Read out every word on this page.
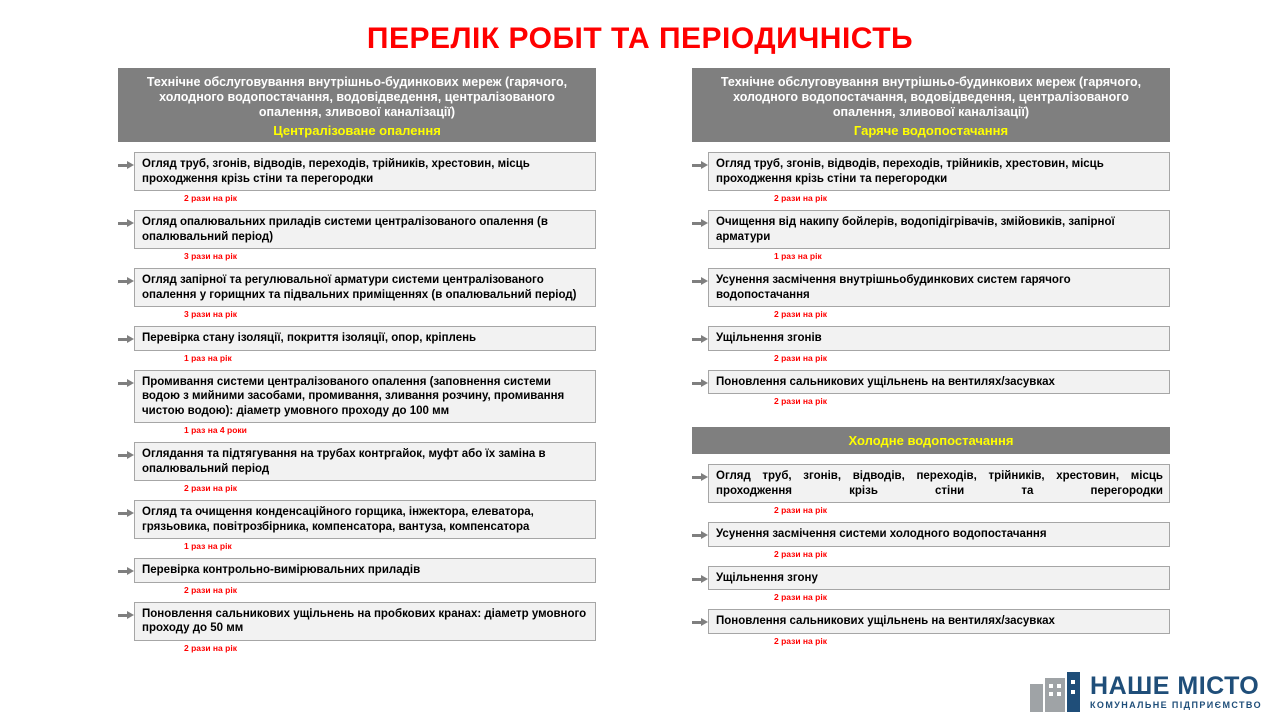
ПЕРЕЛІК РОБІТ ТА ПЕРІОДИЧНІСТЬ
Технічне обслуговування внутрішньо-будинкових мереж (гарячого, холодного водопостачання, водовідведення, централізованого опалення, зливової каналізації)
Централізоване опалення
Огляд труб, згонів, відводів, переходів, трійників, хрестовин, місць проходження крізь стіни та перегородки
2 рази на рік
Огляд опалювальних приладів системи централізованого опалення (в опалювальний період)
3 рази на рік
Огляд запірної та регулювальної арматури системи централізованого опалення у горищних та підвальних приміщеннях (в опалювальний період)
3 рази на рік
Перевірка стану ізоляції, покриття ізоляції, опор, кріплень
1 раз на рік
Промивання системи централізованого опалення (заповнення системи водою з мийними засобами, промивання, зливання розчину, промивання чистою водою): діаметр умовного проходу до 100 мм
1 раз на 4 роки
Оглядання та підтягування на трубах контргайок, муфт або їх заміна в опалювальний період
2 рази на рік
Огляд та очищення конденсаційного горщика, інжектора, елеватора, грязьовика, повітрозбірника, компенсатора, вантуза, компенсатора
1 раз на рік
Перевірка контрольно-вимірювальних приладів
2 рази на рік
Поновлення сальникових ущільнень на пробкових кранах: діаметр умовного проходу до 50 мм
2 рази на рік
Технічне обслуговування внутрішньо-будинкових мереж (гарячого, холодного водопостачання, водовідведення, централізованого опалення, зливової каналізації)
Гаряче водопостачання
Огляд труб, згонів, відводів, переходів, трійників, хрестовин, місць проходження крізь стіни та перегородки
2 рази на рік
Очищення від накипу бойлерів, водопідігрівачів, змійовиків, запірної арматури
1 раз на рік
Усунення засмічення внутрішньобудинкових систем гарячого водопостачання
2 рази на рік
Ущільнення згонів
2 рази на рік
Поновлення сальникових ущільнень на вентилях/засувках
2 рази на рік
Холодне водопостачання
Огляд труб, згонів, відводів, переходів, трійників, хрестовин, місць проходження крізь стіни та перегородки
2 рази на рік
Усунення засмічення системи холодного водопостачання
2 рази на рік
Ущільнення згону
2 рази на рік
Поновлення сальникових ущільнень на вентилях/засувках
2 рази на рік
НАШЕ МІСТО
КОМУНАЛЬНЕ ПІДПРИЄМСТВО
